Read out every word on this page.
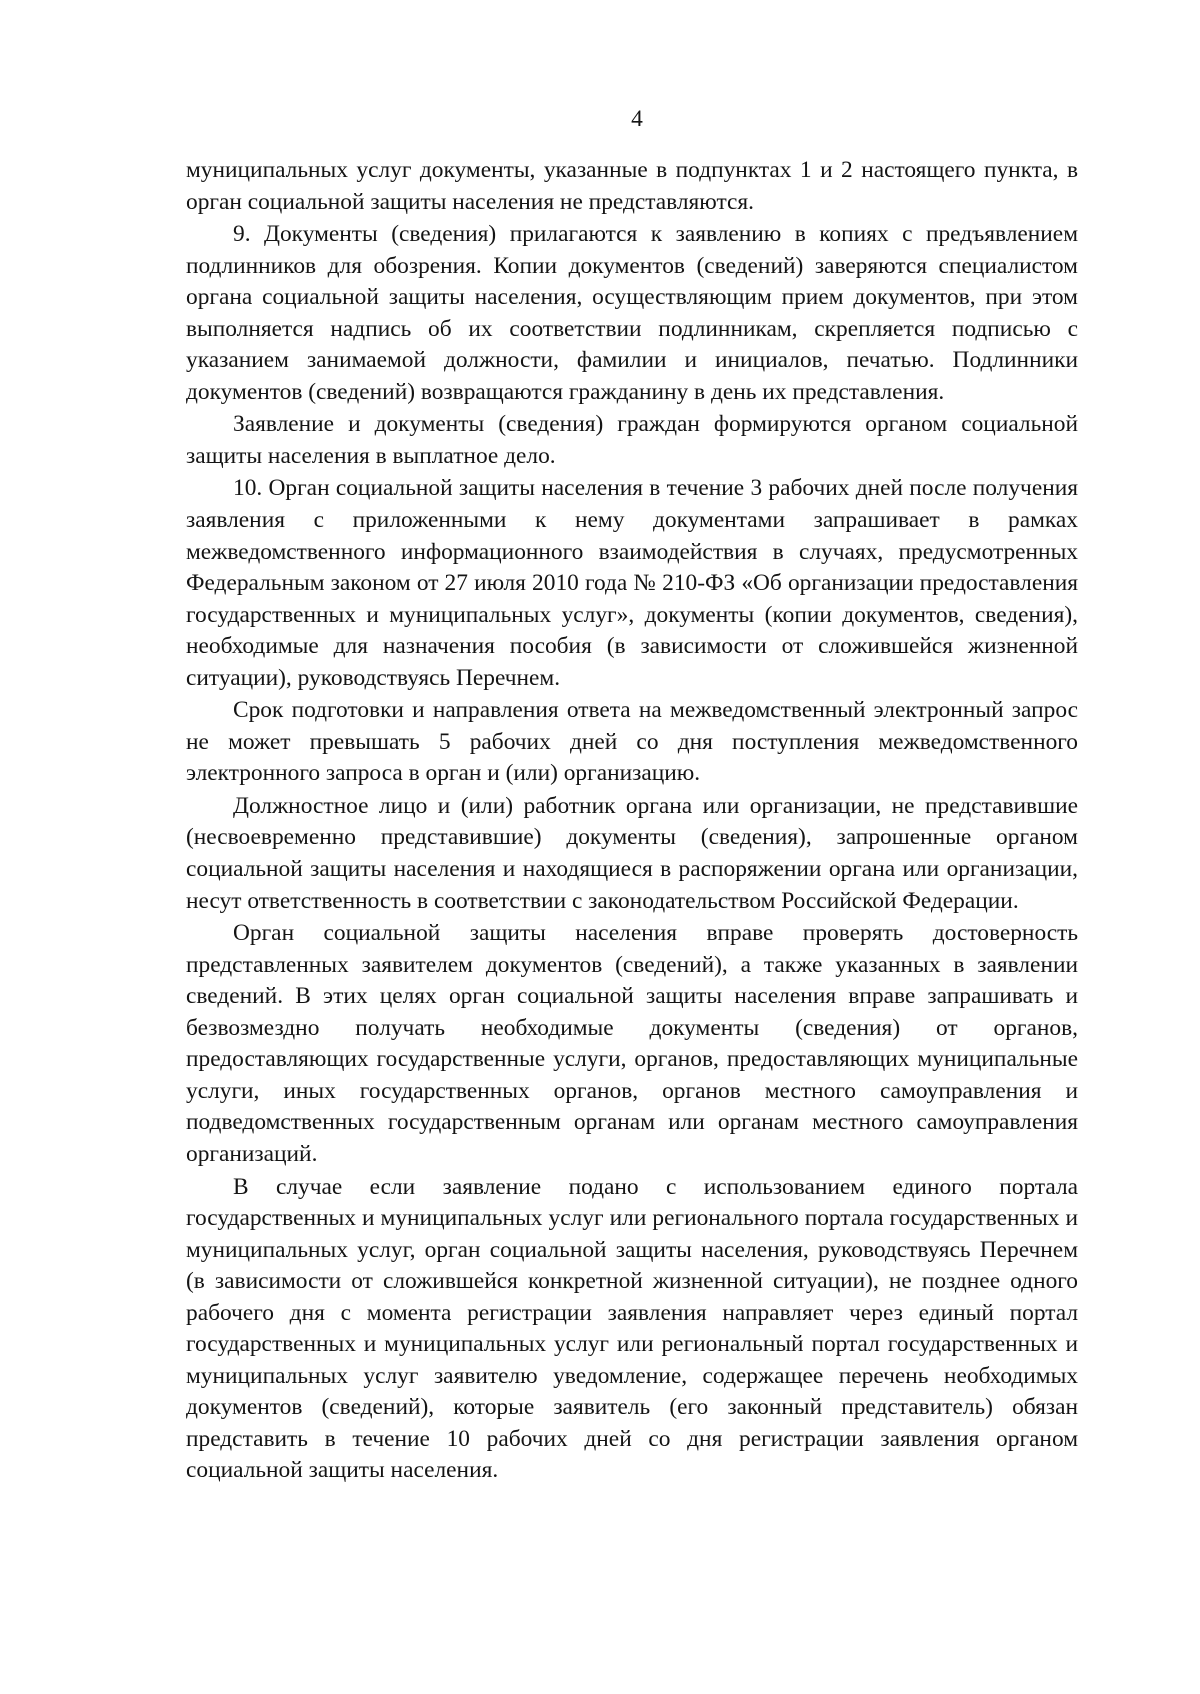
4

муниципальных услуг документы, указанные в подпунктах 1 и 2 настоящего пункта, в орган социальной защиты населения не представляются.

9. Документы (сведения) прилагаются к заявлению в копиях с предъявлением подлинников для обозрения. Копии документов (сведений) заверяются специалистом органа социальной защиты населения, осуществляющим прием документов, при этом выполняется надпись об их соответствии подлинникам, скрепляется подписью с указанием занимаемой должности, фамилии и инициалов, печатью. Подлинники документов (сведений) возвращаются гражданину в день их представления.

Заявление и документы (сведения) граждан формируются органом социальной защиты населения в выплатное дело.

10. Орган социальной защиты населения в течение 3 рабочих дней после получения заявления с приложенными к нему документами запрашивает в рамках межведомственного информационного взаимодействия в случаях, предусмотренных Федеральным законом от 27 июля 2010 года № 210-ФЗ «Об организации предоставления государственных и муниципальных услуг», документы (копии документов, сведения), необходимые для назначения пособия (в зависимости от сложившейся жизненной ситуации), руководствуясь Перечнем.

Срок подготовки и направления ответа на межведомственный электронный запрос не может превышать 5 рабочих дней со дня поступления межведомственного электронного запроса в орган и (или) организацию.

Должностное лицо и (или) работник органа или организации, не представившие (несвоевременно представившие) документы (сведения), запрошенные органом социальной защиты населения и находящиеся в распоряжении органа или организации, несут ответственность в соответствии с законодательством Российской Федерации.

Орган социальной защиты населения вправе проверять достоверность представленных заявителем документов (сведений), а также указанных в заявлении сведений. В этих целях орган социальной защиты населения вправе запрашивать и безвозмездно получать необходимые документы (сведения) от органов, предоставляющих государственные услуги, органов, предоставляющих муниципальные услуги, иных государственных органов, органов местного самоуправления и подведомственных государственным органам или органам местного самоуправления организаций.

В случае если заявление подано с использованием единого портала государственных и муниципальных услуг или регионального портала государственных и муниципальных услуг, орган социальной защиты населения, руководствуясь Перечнем (в зависимости от сложившейся конкретной жизненной ситуации), не позднее одного рабочего дня с момента регистрации заявления направляет через единый портал государственных и муниципальных услуг или региональный портал государственных и муниципальных услуг заявителю уведомление, содержащее перечень необходимых документов (сведений), которые заявитель (его законный представитель) обязан представить в течение 10 рабочих дней со дня регистрации заявления органом социальной защиты населения.
